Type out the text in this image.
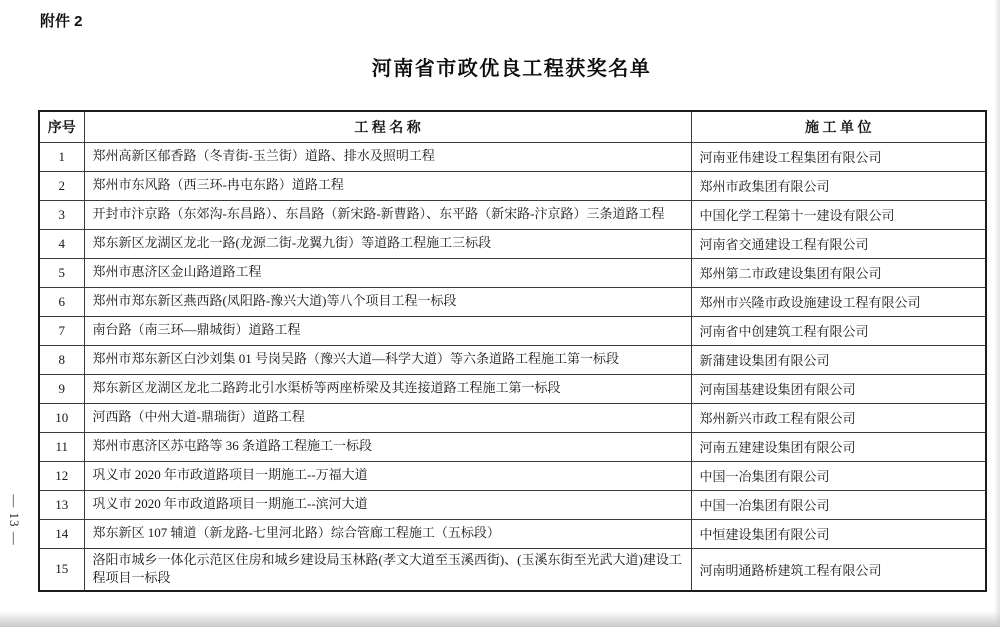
附件 2
河南省市政优良工程获奖名单
序号	工 程 名 称	施 工 单 位
1	郑州高新区郁香路（冬青街-玉兰街）道路、排水及照明工程	河南亚伟建设工程集团有限公司
2	郑州市东风路（西三环-冉屯东路）道路工程	郑州市政集团有限公司
3	开封市汴京路（东郊沟-东昌路）、东昌路（新宋路-新曹路）、东平路（新宋路-汴京路）三条道路工程	中国化学工程第十一建设有限公司
4	郑东新区龙湖区龙北一路(龙源二街-龙翼九街）等道路工程施工三标段	河南省交通建设工程有限公司
5	郑州市惠济区金山路道路工程	郑州第二市政建设集团有限公司
6	郑州市郑东新区燕西路(凤阳路-豫兴大道)等八个项目工程一标段	郑州市兴隆市政设施建设工程有限公司
7	南台路（南三环—鼎城街）道路工程	河南省中创建筑工程有限公司
8	郑州市郑东新区白沙刘集 01 号岗吴路（豫兴大道—科学大道）等六条道路工程施工第一标段	新蒲建设集团有限公司
9	郑东新区龙湖区龙北二路跨北引水渠桥等两座桥梁及其连接道路工程施工第一标段	河南国基建设集团有限公司
10	河西路（中州大道-鼎瑞街）道路工程	郑州新兴市政工程有限公司
11	郑州市惠济区苏屯路等 36 条道路工程施工一标段	河南五建建设集团有限公司
12	巩义市 2020 年市政道路项目一期施工--万福大道	中国一冶集团有限公司
13	巩义市 2020 年市政道路项目一期施工--滨河大道	中国一冶集团有限公司
14	郑东新区 107 辅道（新龙路-七里河北路）综合管廊工程施工（五标段）	中恒建设集团有限公司
15	洛阳市城乡一体化示范区住房和城乡建设局玉林路(孝文大道至玉溪西街)、(玉溪东街至光武大道)建设工程项目一标段	河南明通路桥建筑工程有限公司
— 13 —
